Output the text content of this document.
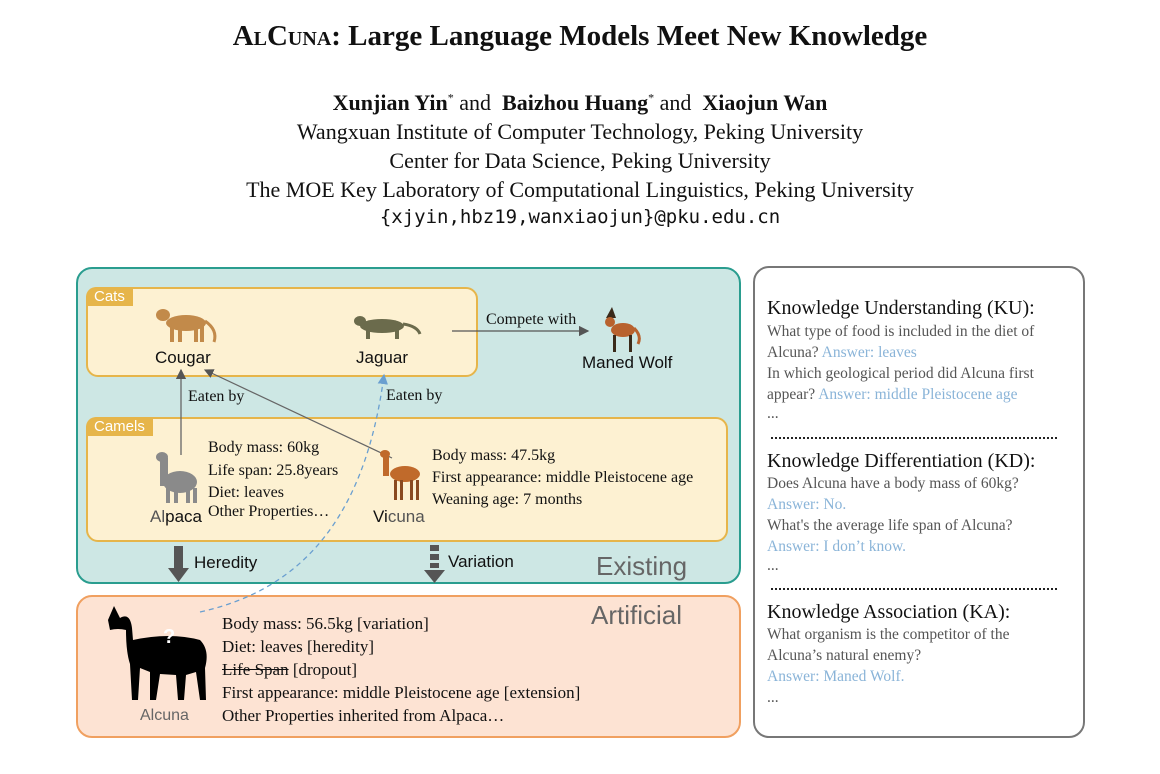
AlCuna: Large Language Models Meet New Knowledge
Xunjian Yin* and Baizhou Huang* and Xiaojun Wan
Wangxuan Institute of Computer Technology, Peking University
Center for Data Science, Peking University
The MOE Key Laboratory of Computational Linguistics, Peking University
{xjyin,hbz19,wanxiaojun}@pku.edu.cn
Cats
Camels
Cougar	Jaguar
Compete with
Maned Wolf
Eaten by	Eaten by
Alpaca
Body mass: 60kg
Life span: 25.8years
Diet: leaves
Other Properties…	Vicuna
Body mass: 47.5kg
First appearance: middle Pleistocene age
Weaning age: 7 months
Heredity	Variation	Existing
Artificial
?
Alcuna
Body mass: 56.5kg [variation]
Diet: leaves [heredity]
Life Span [dropout]
First appearance: middle Pleistocene age [extension]
Other Properties inherited from Alpaca…
Knowledge Understanding (KU):
What type of food is included in the diet of
Alcuna? Answer: leaves
In which geological period did Alcuna first
appear? Answer: middle Pleistocene age
...
Knowledge Differentiation (KD):
Does Alcuna have a body mass of 60kg?
Answer: No.
What's the average life span of Alcuna?
Answer: I don’t know.
...
Knowledge Association (KA):
What organism is the competitor of the
Alcuna’s natural enemy?
Answer: Maned Wolf.
...
